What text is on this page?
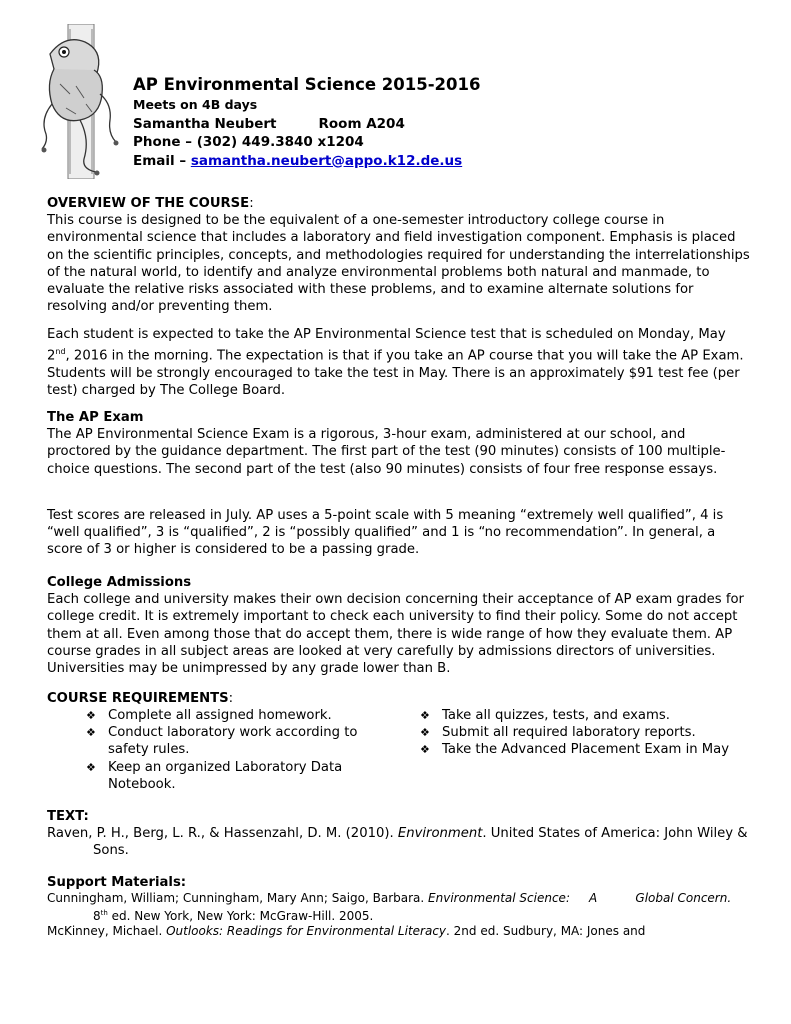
AP Environmental Science 2015-2016
Meets on 4B days
Samantha Neubert	Room A204
Phone – (302) 449.3840 x1204
Email – samantha.neubert@appo.k12.de.us
OVERVIEW OF THE COURSE:

This course is designed to be the equivalent of a one-semester introductory college course in environmental science that includes a laboratory and field investigation component. Emphasis is placed on the scientific principles, concepts, and methodologies required for understanding the interrelationships of the natural world, to identify and analyze environmental problems both natural and manmade, to evaluate the relative risks associated with these problems, and to examine alternate solutions for resolving and/or preventing them.

Each student is expected to take the AP Environmental Science test that is scheduled on Monday, May 2nd, 2016 in the morning. The expectation is that if you take an AP course that you will take the AP Exam. Students will be strongly encouraged to take the test in May. There is an approximately $91 test fee (per test) charged by The College Board.

The AP Exam

The AP Environmental Science Exam is a rigorous, 3-hour exam, administered at our school, and proctored by the guidance department. The first part of the test (90 minutes) consists of 100 multiple-choice questions. The second part of the test (also 90 minutes) consists of four free response essays.

Test scores are released in July. AP uses a 5-point scale with 5 meaning “extremely well qualified”, 4 is “well qualified”, 3 is “qualified”, 2 is “possibly qualified” and 1 is “no recommendation”. In general, a score of 3 or higher is considered to be a passing grade.

College Admissions

Each college and university makes their own decision concerning their acceptance of AP exam grades for college credit. It is extremely important to check each university to find their policy. Some do not accept them at all. Even among those that do accept them, there is wide range of how they evaluate them. AP course grades in all subject areas are looked at very carefully by admissions directors of universities. Universities may be unimpressed by any grade lower than B.

COURSE REQUIREMENTS:
❖ Complete all assigned homework.
❖ Conduct laboratory work according to safety rules.
❖ Keep an organized Laboratory Data Notebook.
❖ Take all quizzes, tests, and exams.
❖ Submit all required laboratory reports.
❖ Take the Advanced Placement Exam in May
TEXT:

Raven, P. H., Berg, L. R., & Hassenzahl, D. M. (2010). Environment. United States of America: John Wiley & Sons.

Support Materials:

Cunningham, William; Cunningham, Mary Ann; Saigo, Barbara. Environmental Science:     A          Global Concern.  8th ed. New York, New York: McGraw-Hill. 2005.

McKinney, Michael. Outlooks: Readings for Environmental Literacy. 2nd ed. Sudbury, MA: Jones and
